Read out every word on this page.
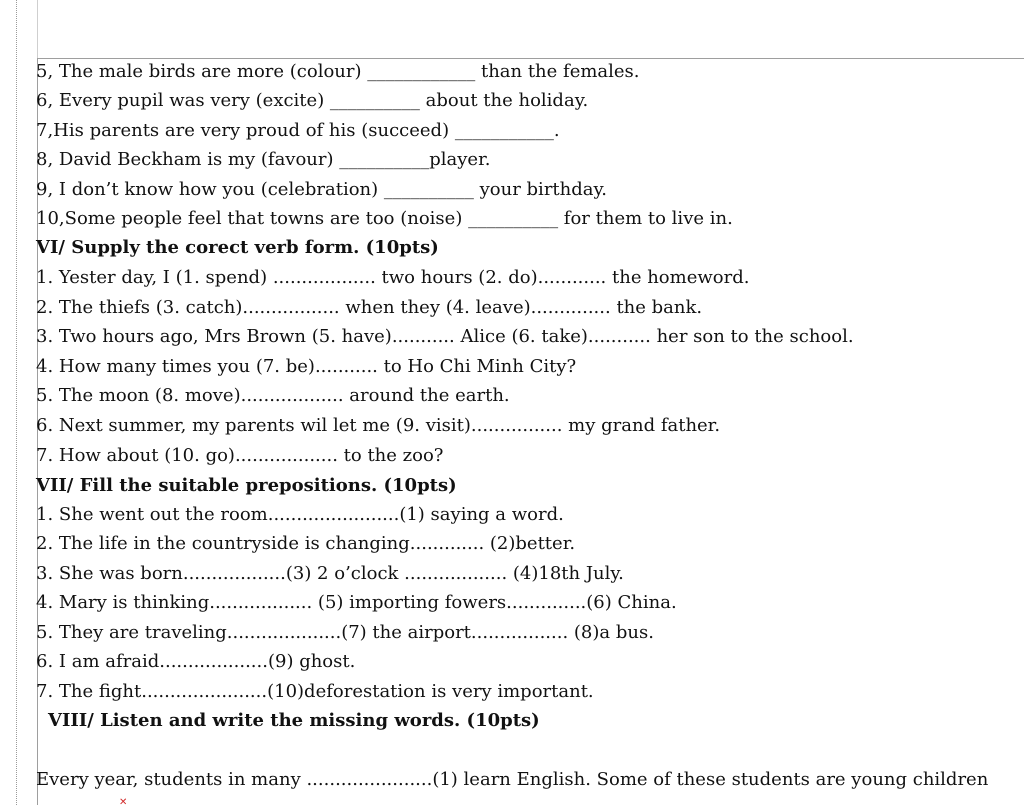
5, The male birds are more (colour) ____________ than the females.
6, Every pupil was very (excite) __________ about the holiday.
7,His parents are very proud of his (succeed) ___________.
8, David Beckham is my (favour) __________player.
9, I don’t know how you (celebration) __________ your birthday.
10,Some people feel that towns are too (noise) __________ for them to live in.
VI/ Supply the corect verb form. (10pts)
1. Yester day, I (1. spend) .................. two hours (2. do)............ the homeword.
2. The thiefs (3. catch)................. when they (4. leave).............. the bank.
3. Two hours ago, Mrs Brown (5. have)........... Alice (6. take)........... her son to the school.
4. How many times you (7. be)........... to Ho Chi Minh City?
5. The moon (8. move).................. around the earth.
6. Next summer, my parents wil let me (9. visit)................ my grand father.
7. How about (10. go).................. to the zoo?
VII/ Fill the suitable prepositions. (10pts)
1. She went out the room.......................(1) saying a word.
2. The life in the countryside is changing............. (2)better.
3. She was born..................(3) 2 o’clock .................. (4)18th July.
4. Mary is thinking.................. (5) importing fowers..............(6) China.
5. They are traveling....................(7) the airport................. (8)a bus.
6. I am afraid...................(9) ghost.
7. The fight......................(10)deforestation is very important.
VIII/ Listen and write the missing words. (10pts)
Every year, students in many ......................(1) learn English. Some of these students are young children
✕
